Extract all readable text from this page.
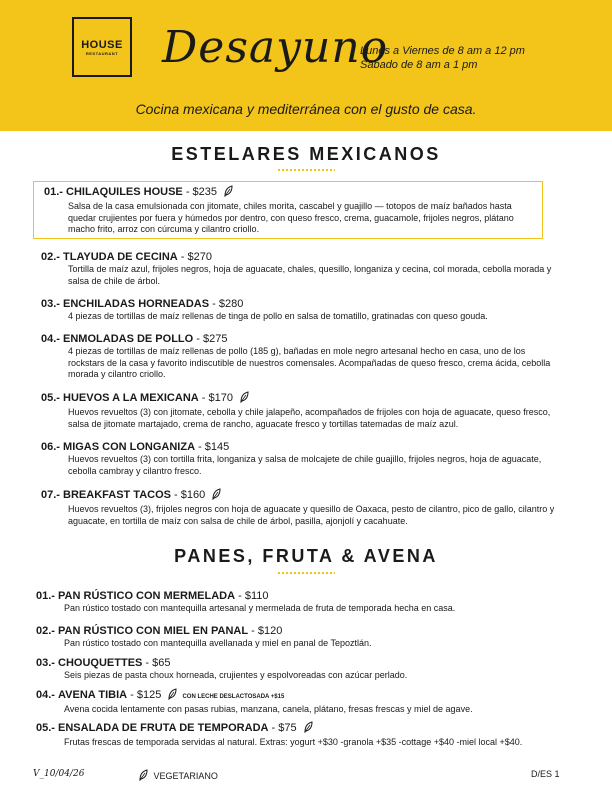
HOUSE
RESTAURANT Desayuno
Lunes a Viernes de 8 am a 12 pm
Sábado de 8 am a 1 pm
Cocina mexicana y mediterránea con el gusto de casa.
ESTELARES MEXICANOS
01.- CHILAQUILES HOUSE - $235
Salsa de la casa emulsionada con jitomate, chiles morita, cascabel y guajillo — totopos de maíz bañados hasta quedar crujientes por fuera y húmedos por dentro, con queso fresco, crema, guacamole, frijoles negros, plátano macho frito, arroz con cúrcuma y cilantro criollo.
02.- TLAYUDA DE CECINA - $270
Tortilla de maíz azul, frijoles negros, hoja de aguacate, chales, quesillo, longaniza y cecina, col morada, cebolla morada y salsa de chile de árbol.
03.- ENCHILADAS HORNEADAS - $280
4 piezas de tortillas de maíz rellenas de tinga de pollo en salsa de tomatillo, gratinadas con queso gouda.
04.- ENMOLADAS DE POLLO - $275
4 piezas de tortillas de maíz rellenas de pollo (185 g), bañadas en mole negro artesanal hecho en casa, uno de los rockstars de la casa y favorito indiscutible de nuestros comensales. Acompañadas de queso fresco, crema ácida, cebolla morada y cilantro criollo.
05.- HUEVOS A LA MEXICANA - $170
Huevos revueltos (3) con jitomate, cebolla y chile jalapeño, acompañados de frijoles con hoja de aguacate, queso fresco, salsa de jitomate martajado, crema de rancho, aguacate fresco y tortillas tatemadas de maíz azul.
06.- MIGAS CON LONGANIZA - $145
Huevos revueltos (3) con tortilla frita, longaniza y salsa de molcajete de chile guajillo, frijoles negros, hoja de aguacate, cebolla cambray y cilantro fresco.
07.- BREAKFAST TACOS - $160
Huevos revueltos (3), frijoles negros con hoja de aguacate y quesillo de Oaxaca, pesto de cilantro, pico de gallo, cilantro y aguacate, en tortilla de maíz con salsa de chile de árbol, pasilla, ajonjolí y cacahuate.
PANES, FRUTA & AVENA
01.- PAN RÚSTICO CON MERMELADA - $110
Pan rústico tostado con mantequilla artesanal y mermelada de fruta de temporada hecha en casa.
02.- PAN RÚSTICO CON MIEL EN PANAL - $120
Pan rústico tostado con mantequilla avellanada y miel en panal de Tepoztlán.
03.- CHOUQUETTES - $65
Seis piezas de pasta choux horneada, crujientes y espolvoreadas con azúcar perlado.
04.- AVENA TIBIA - $125	CON LECHE DESLACTOSADA +$15
Avena cocida lentamente con pasas rubias, manzana, canela, plátano, fresas frescas y miel de agave.
05.- ENSALADA DE FRUTA DE TEMPORADA - $75
Frutas frescas de temporada servidas al natural. Extras: yogurt +$30 -granola +$35 -cottage +$40 -miel local +$40.
V_10/04/26	VEGETARIANO	D/ES 1
